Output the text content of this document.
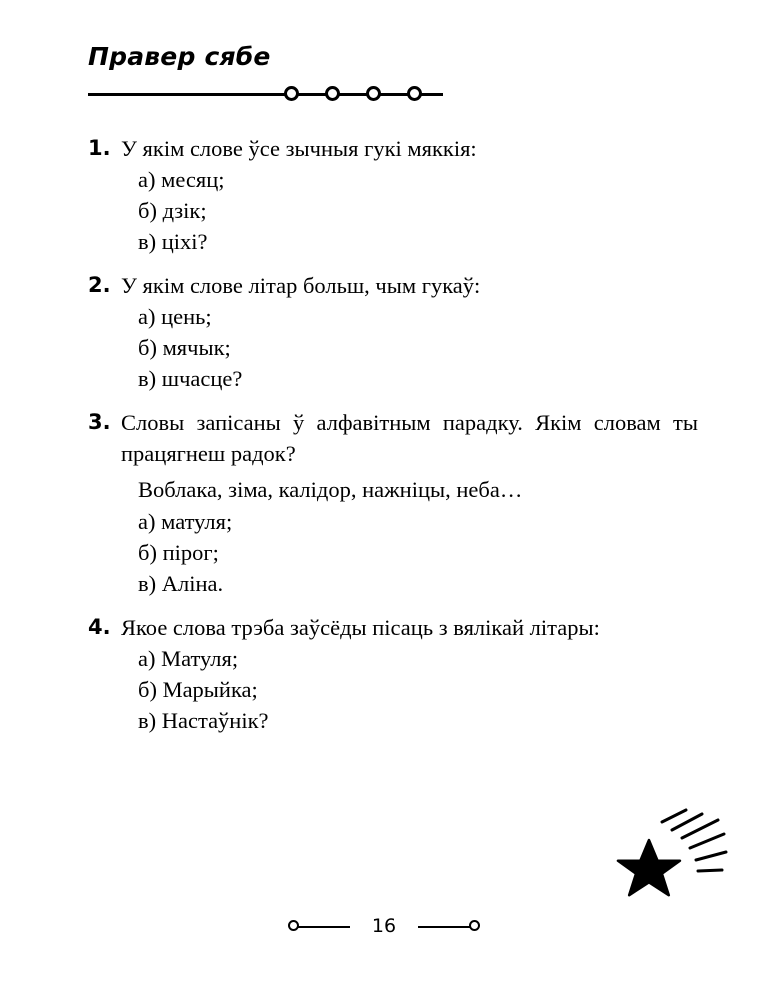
Правер сябе
1. У якім слове ўсе зычныя гукі мяккія:
а) месяц;
б) дзік;
в) ціхі?
2. У якім слове літар больш, чым гукаў:
а) цень;
б) мячык;
в) шчасце?
3. Словы запісаны ў алфавітным парадку. Якім словам ты працягнеш радок?
Воблака, зіма, калідор, нажніцы, неба…
а) матуля;
б) пірог;
в) Аліна.
4. Якое слова трэба заўсёды пісаць з вялікай літары:
а) Матуля;
б) Марыйка;
в) Настаўнік?
16
